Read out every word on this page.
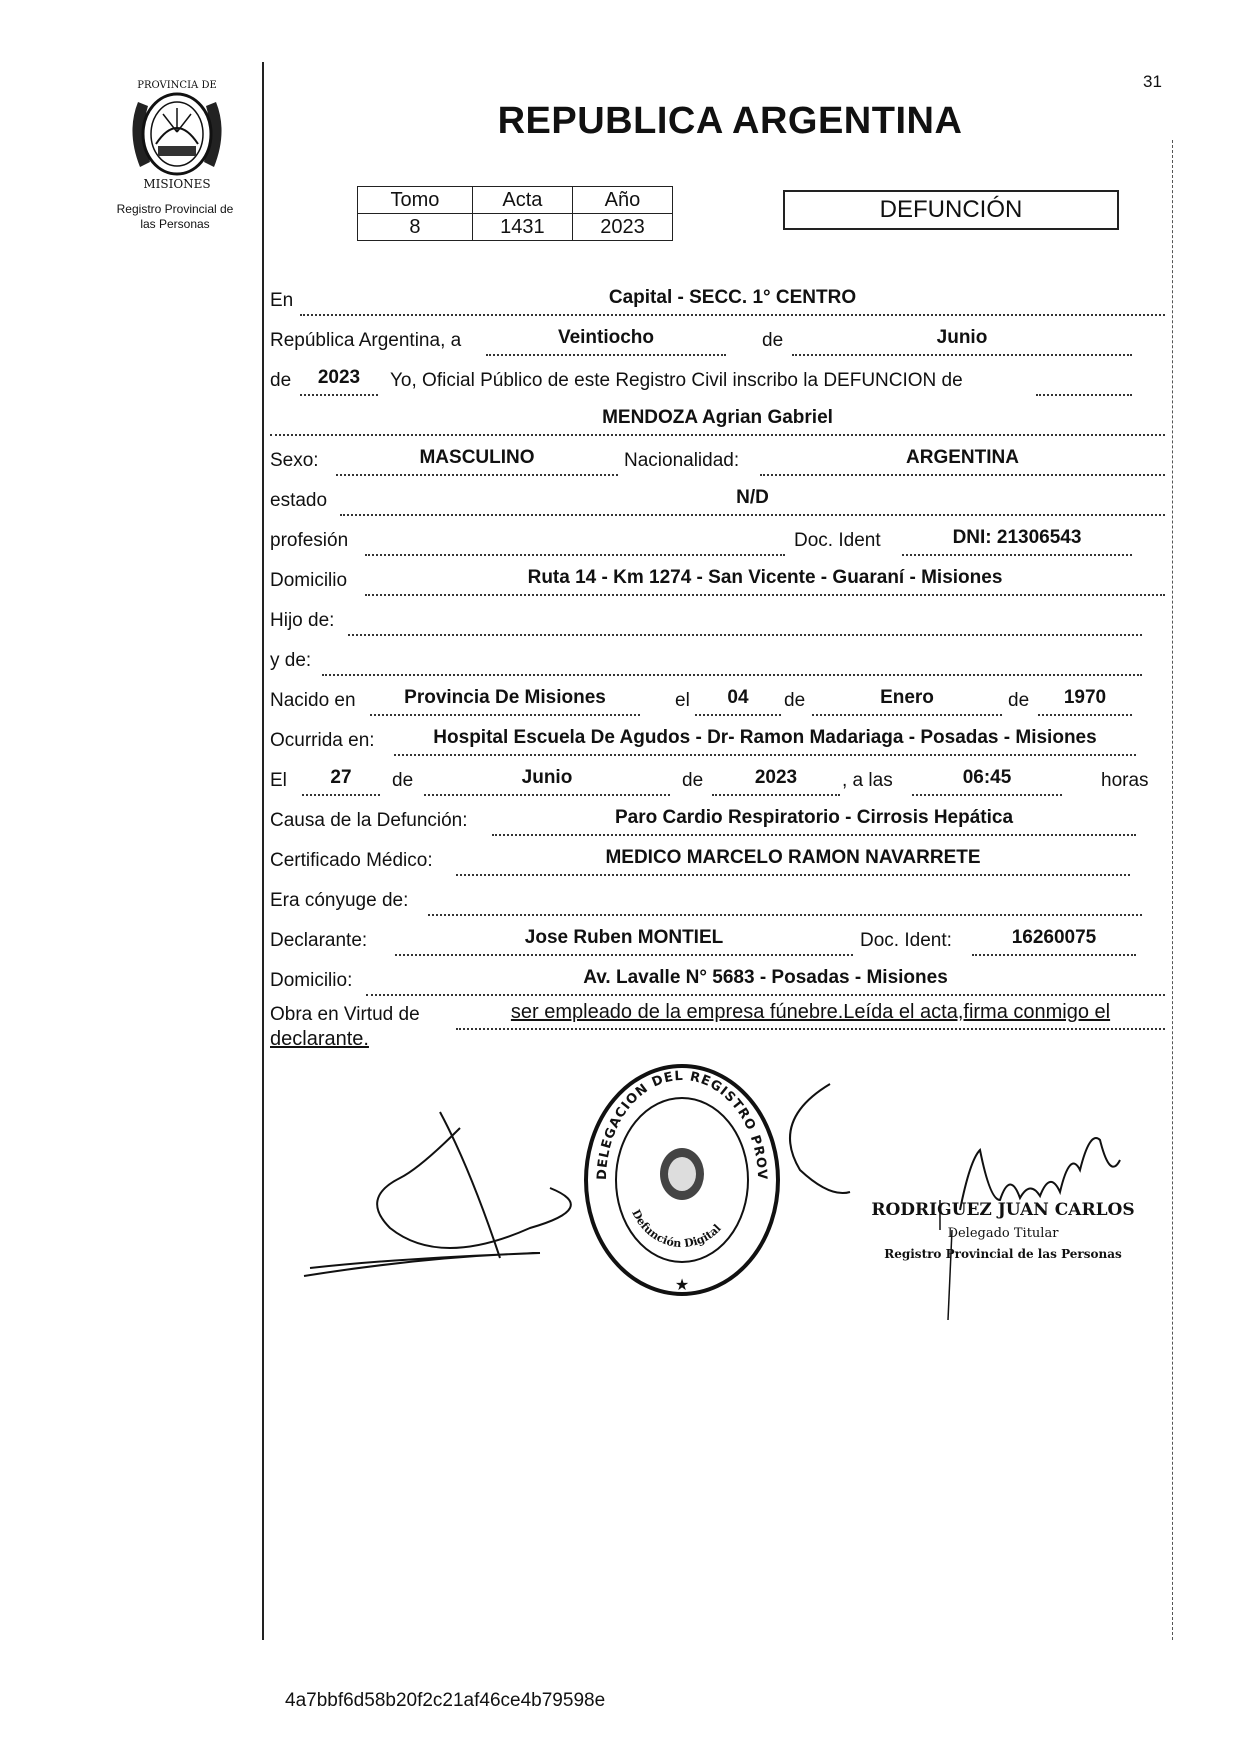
31
PROVINCIA DE
MISIONES
Registro Provincial de
las Personas
REPUBLICA ARGENTINA
Tomo	Acta	Año
8	1431	2023
DEFUNCIÓN
En	Capital - SECC. 1° CENTRO
República Argentina, a	Veintiocho	de	Junio
de	2023	Yo, Oficial Público de este Registro Civil inscribo la DEFUNCION de
MENDOZA Agrian Gabriel
Sexo:	MASCULINO	Nacionalidad:	ARGENTINA
estado	N/D
profesión	Doc. Ident	DNI: 21306543
Domicilio	Ruta 14 - Km 1274 - San Vicente - Guaraní - Misiones
Hijo de:
y de:
Nacido en	Provincia De Misiones	el	04	de	Enero	de	1970
Ocurrida en:	Hospital Escuela De Agudos - Dr- Ramon Madariaga - Posadas - Misiones
El	27	de	Junio	de	2023	, a las	06:45	horas
Causa de la Defunción:	Paro Cardio Respiratorio - Cirrosis Hepática
Certificado Médico:	MEDICO MARCELO RAMON NAVARRETE
Era cónyuge de:
Declarante:	Jose Ruben MONTIEL	Doc. Ident:	16260075
Domicilio:	Av. Lavalle N° 5683 - Posadas - Misiones
Obra en Virtud de	ser empleado de la empresa fúnebre.Leída el acta,firma conmigo el
declarante.
DELEGACION DEL REGISTRO PROV
Defunción Digital
★
RODRIGUEZ JUAN CARLOS
Delegado Titular
Registro Provincial de las Personas
4a7bbf6d58b20f2c21af46ce4b79598e
